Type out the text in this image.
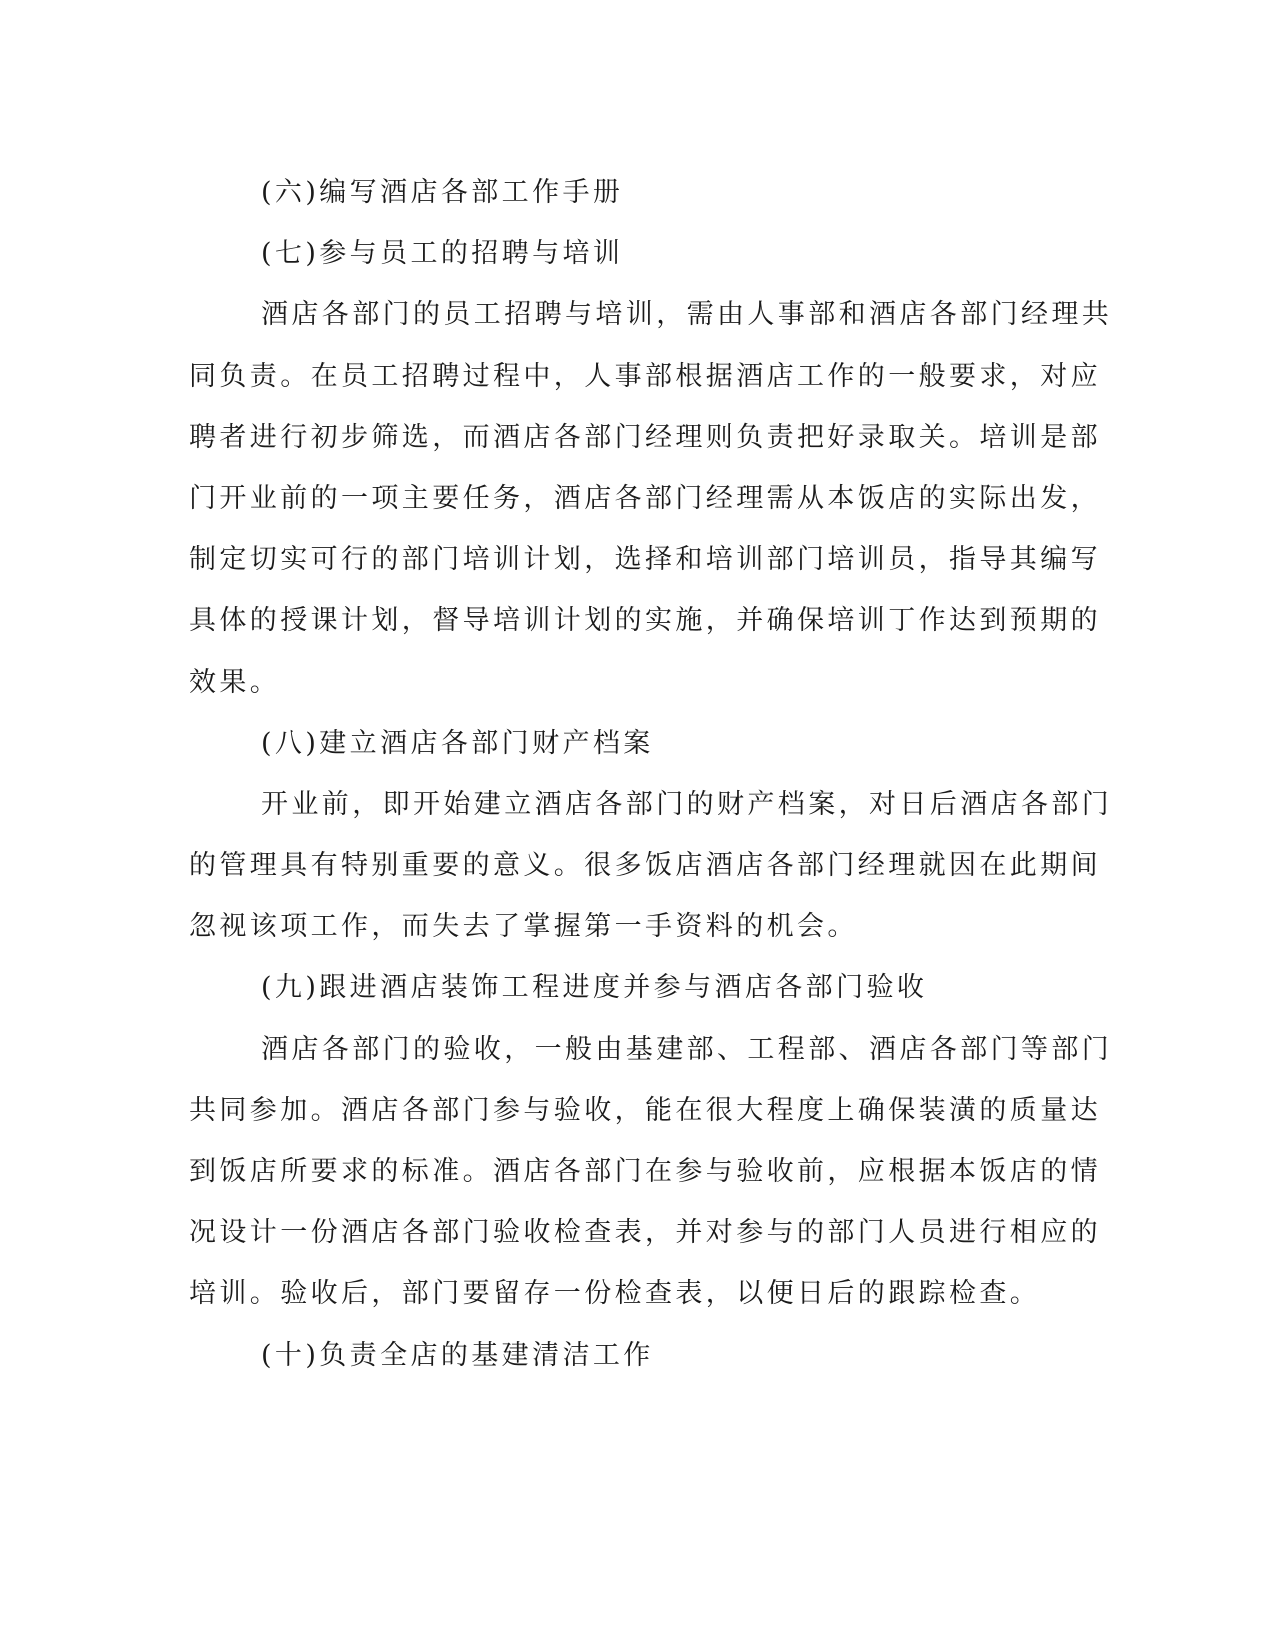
(六)编写酒店各部工作手册
(七)参与员工的招聘与培训
酒店各部门的员工招聘与培训，需由人事部和酒店各部门经理共
同负责。在员工招聘过程中，人事部根据酒店工作的一般要求，对应
聘者进行初步筛选，而酒店各部门经理则负责把好录取关。培训是部
门开业前的一项主要任务，酒店各部门经理需从本饭店的实际出发，
制定切实可行的部门培训计划，选择和培训部门培训员，指导其编写
具体的授课计划，督导培训计划的实施，并确保培训丁作达到预期的
效果。
(八)建立酒店各部门财产档案
开业前，即开始建立酒店各部门的财产档案，对日后酒店各部门
的管理具有特别重要的意义。很多饭店酒店各部门经理就因在此期间
忽视该项工作，而失去了掌握第一手资料的机会。
(九)跟进酒店装饰工程进度并参与酒店各部门验收
酒店各部门的验收，一般由基建部、工程部、酒店各部门等部门
共同参加。酒店各部门参与验收，能在很大程度上确保装潢的质量达
到饭店所要求的标准。酒店各部门在参与验收前，应根据本饭店的情
况设计一份酒店各部门验收检查表，并对参与的部门人员进行相应的
培训。验收后，部门要留存一份检查表，以便日后的跟踪检查。
(十)负责全店的基建清洁工作
